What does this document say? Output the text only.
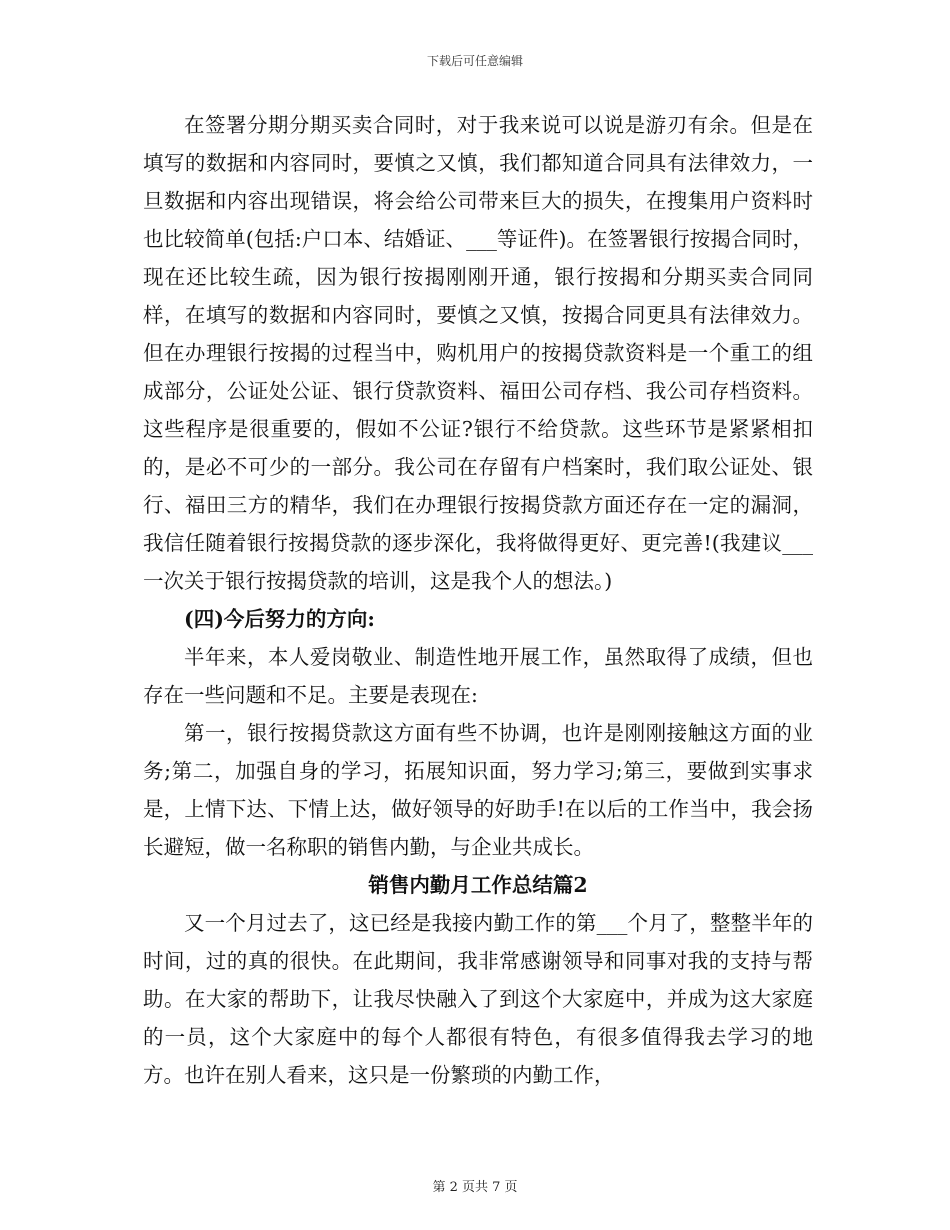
下载后可任意编辑

在签署分期分期买卖合同时，对于我来说可以说是游刃有余。但是在填写的数据和内容同时，要慎之又慎，我们都知道合同具有法律效力，一旦数据和内容出现错误，将会给公司带来巨大的损失，在搜集用户资料时也比较简单(包括:户口本、结婚证、___等证件)。在签署银行按揭合同时，现在还比较生疏，因为银行按揭刚刚开通，银行按揭和分期买卖合同同样，在填写的数据和内容同时，要慎之又慎，按揭合同更具有法律效力。但在办理银行按揭的过程当中，购机用户的按揭贷款资料是一个重工的组成部分，公证处公证、银行贷款资料、福田公司存档、我公司存档资料。这些程序是很重要的，假如不公证?银行不给贷款。这些环节是紧紧相扣的，是必不可少的一部分。我公司在存留有户档案时，我们取公证处、银行、福田三方的精华，我们在办理银行按揭贷款方面还存在一定的漏洞，我信任随着银行按揭贷款的逐步深化，我将做得更好、更完善!(我建议___一次关于银行按揭贷款的培训，这是我个人的想法。)

(四)今后努力的方向:

半年来，本人爱岗敬业、制造性地开展工作，虽然取得了成绩，但也存在一些问题和不足。主要是表现在:

第一，银行按揭贷款这方面有些不协调，也许是刚刚接触这方面的业务;第二，加强自身的学习，拓展知识面，努力学习;第三，要做到实事求是，上情下达、下情上达，做好领导的好助手!在以后的工作当中，我会扬长避短，做一名称职的销售内勤，与企业共成长。

销售内勤月工作总结篇2

又一个月过去了，这已经是我接内勤工作的第___个月了，整整半年的时间，过的真的很快。在此期间，我非常感谢领导和同事对我的支持与帮助。在大家的帮助下，让我尽快融入了到这个大家庭中，并成为这大家庭的一员，这个大家庭中的每个人都很有特色，有很多值得我去学习的地方。也许在别人看来，这只是一份繁琐的内勤工作，

第 2 页共 7 页
